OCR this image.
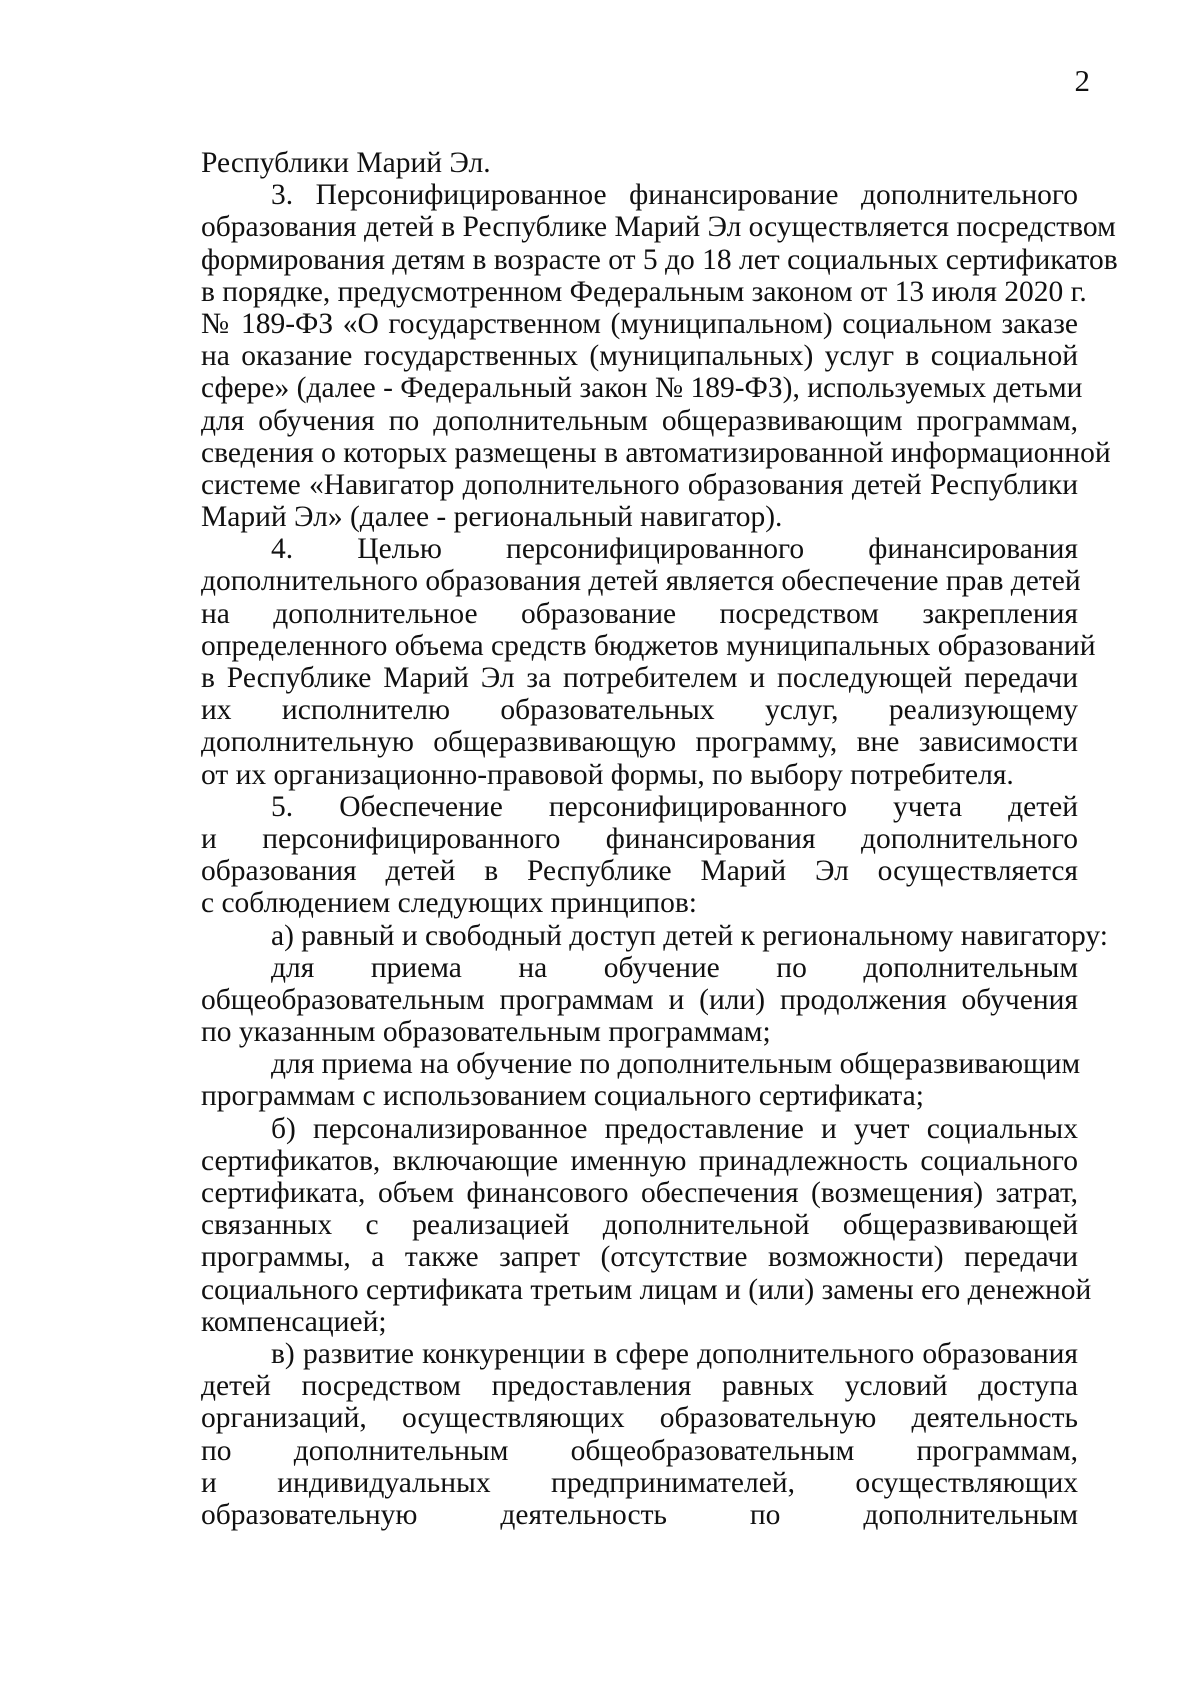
2
Республики Марий Эл.
3. Персонифицированное финансирование дополнительного
образования детей в Республике Марий Эл осуществляется посредством
формирования детям в возрасте от 5 до 18 лет социальных сертификатов
в порядке, предусмотренном Федеральным законом от 13 июля 2020 г.
№ 189-ФЗ «О государственном (муниципальном) социальном заказе
на оказание государственных (муниципальных) услуг в социальной
сфере» (далее - Федеральный закон № 189-ФЗ), используемых детьми
для обучения по дополнительным общеразвивающим программам,
сведения о которых размещены в автоматизированной информационной
системе «Навигатор дополнительного образования детей Республики
Марий Эл» (далее - региональный навигатор).
4. Целью персонифицированного финансирования
дополнительного образования детей является обеспечение прав детей
на дополнительное образование посредством закрепления
определенного объема средств бюджетов муниципальных образований
в Республике Марий Эл за потребителем и последующей передачи
их исполнителю образовательных услуг, реализующему
дополнительную общеразвивающую программу, вне зависимости
от их организационно-правовой формы, по выбору потребителя.
5. Обеспечение персонифицированного учета детей
и персонифицированного финансирования дополнительного
образования детей в Республике Марий Эл осуществляется
с соблюдением следующих принципов:
а) равный и свободный доступ детей к региональному навигатору:
для приема на обучение по дополнительным
общеобразовательным программам и (или) продолжения обучения
по указанным образовательным программам;
для приема на обучение по дополнительным общеразвивающим
программам с использованием социального сертификата;
б) персонализированное предоставление и учет социальных
сертификатов, включающие именную принадлежность социального
сертификата, объем финансового обеспечения (возмещения) затрат,
связанных с реализацией дополнительной общеразвивающей
программы, а также запрет (отсутствие возможности) передачи
социального сертификата третьим лицам и (или) замены его денежной
компенсацией;
в) развитие конкуренции в сфере дополнительного образования
детей посредством предоставления равных условий доступа
организаций, осуществляющих образовательную деятельность
по дополнительным общеобразовательным программам,
и индивидуальных предпринимателей, осуществляющих
образовательную деятельность по дополнительным
